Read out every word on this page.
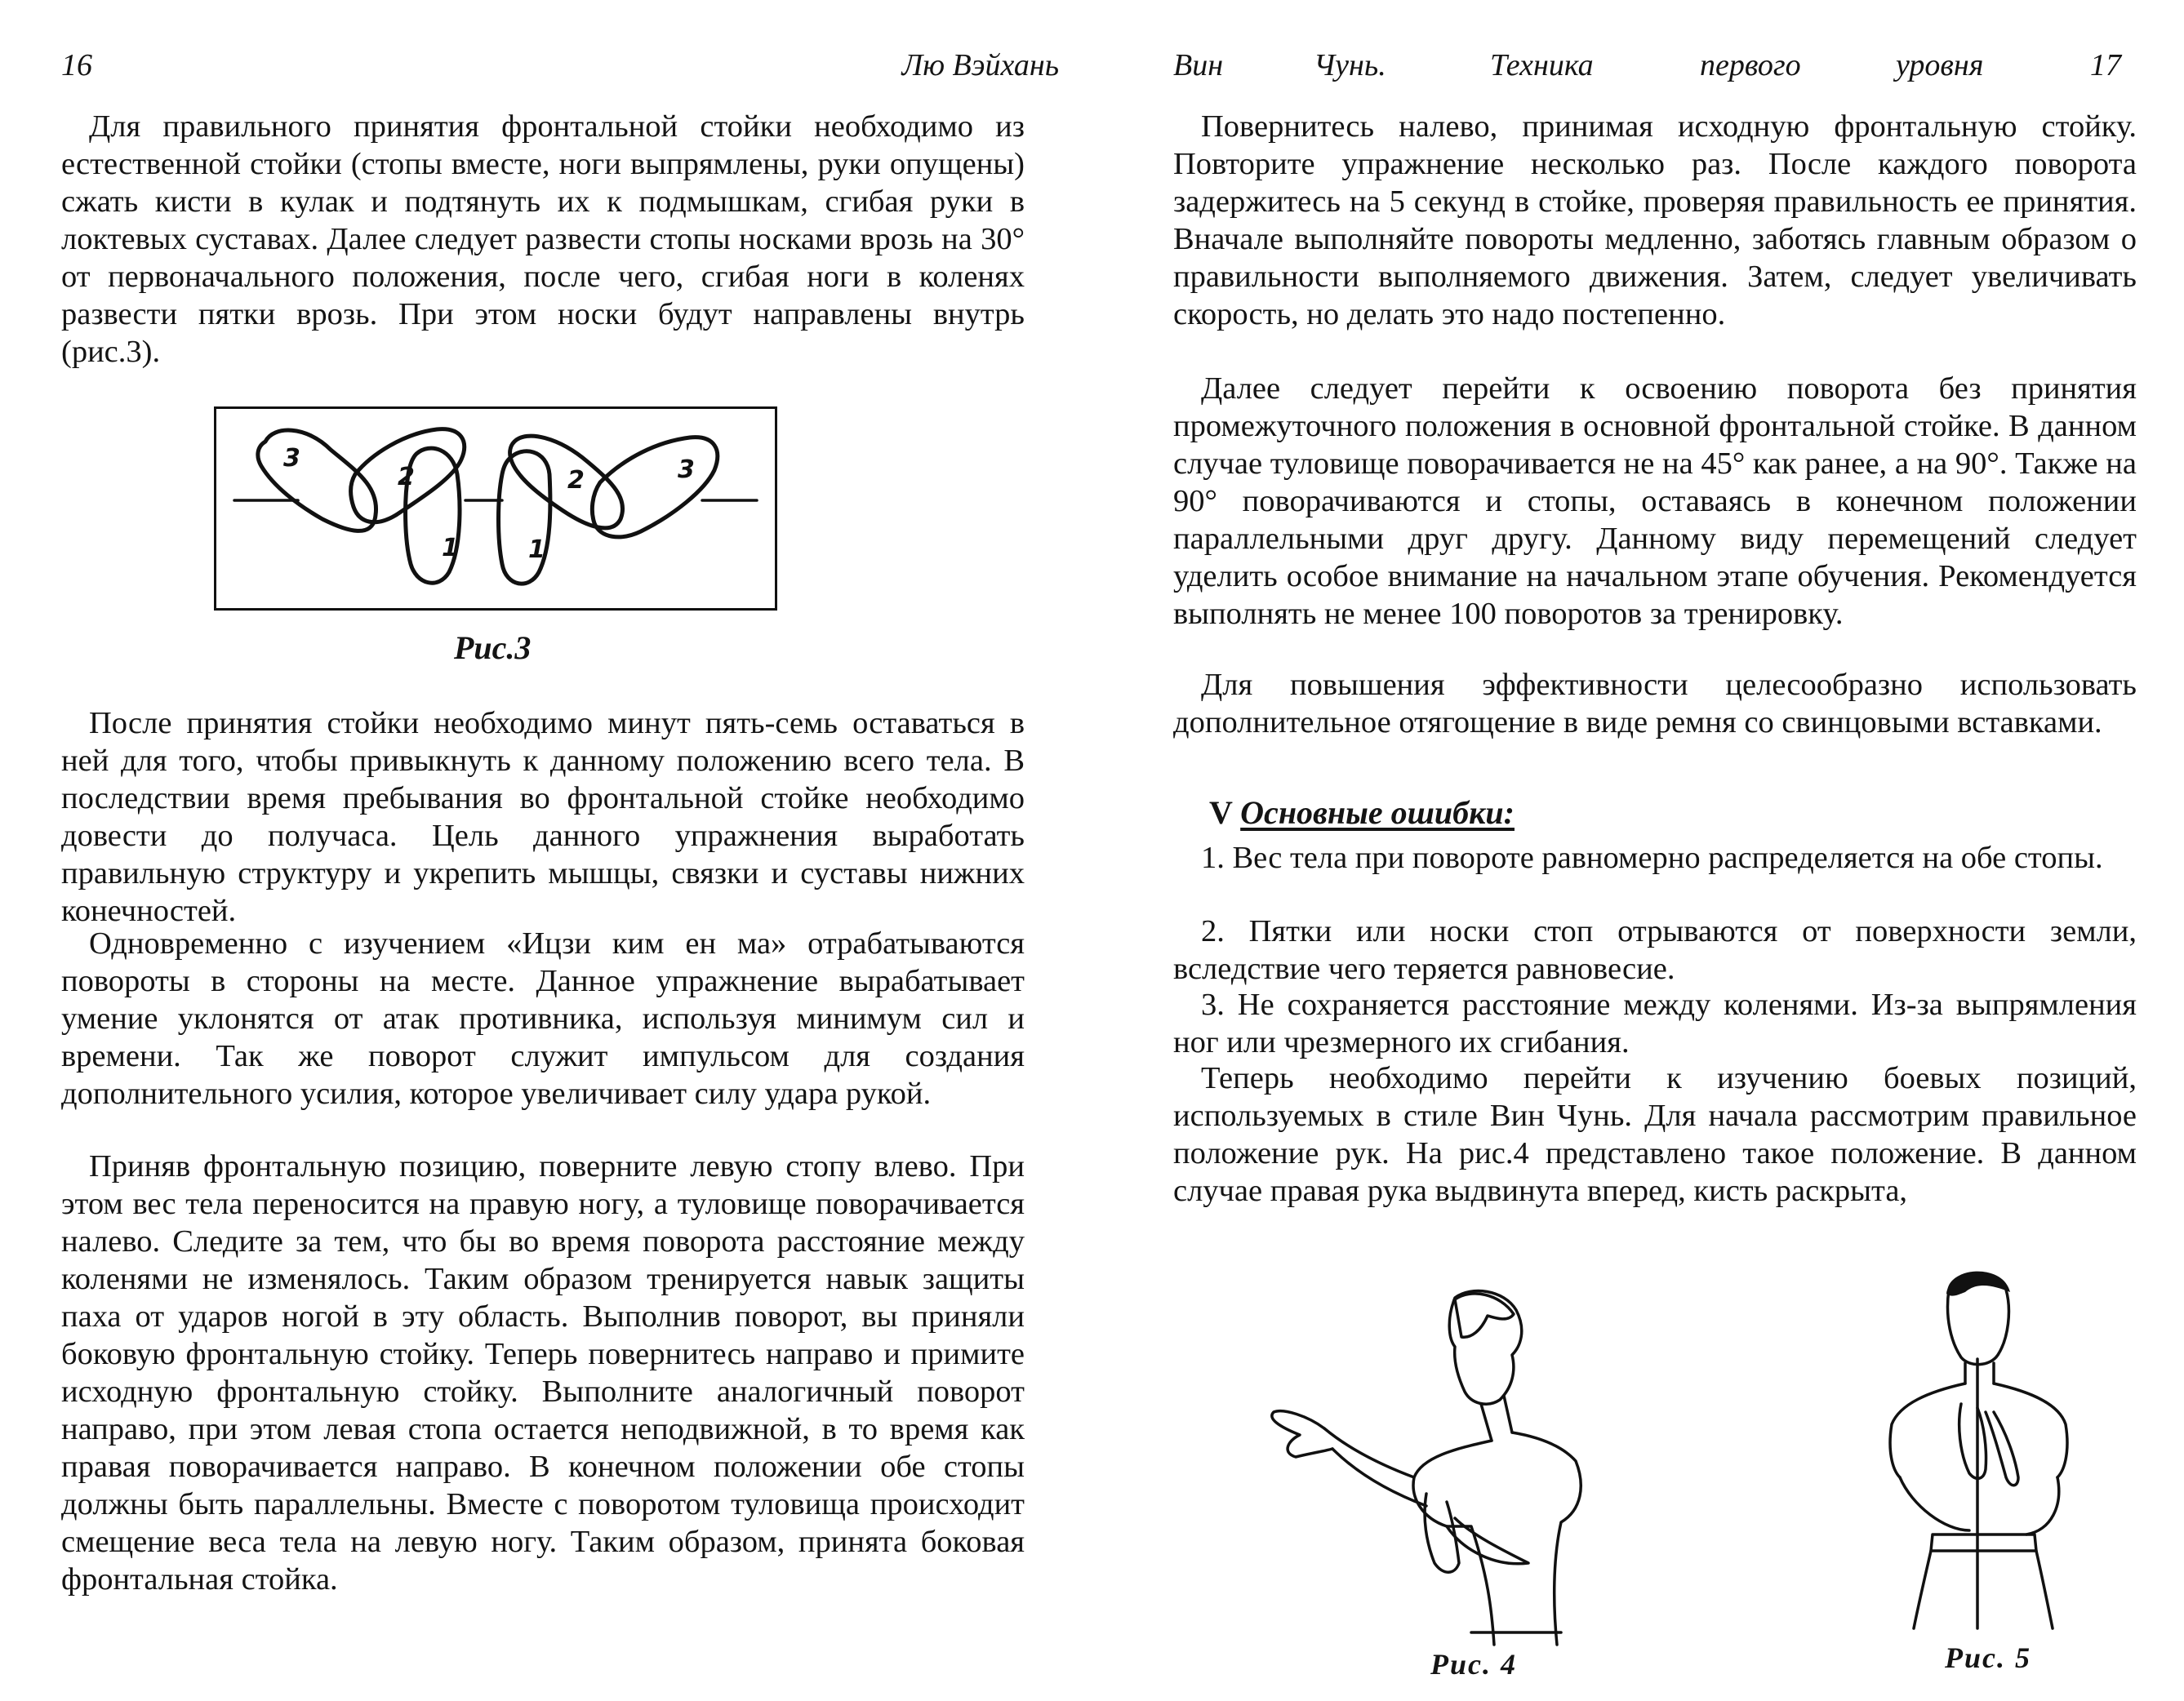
16	Лю Вэйхань

Для правильного принятия фронтальной стойки необходимо из естественной стойки (стопы вместе, ноги выпрямлены, руки опущены) сжать кисти в кулак и подтянуть их к подмышкам, сгибая руки в локтевых суставах. Далее следует развести стопы носками врозь на 30° от первоначального положения, после чего, сгибая ноги в коленях развести пятки врозь. При этом носки будут направлены внутрь (рис.3).

3
2
1
2
1
3
Рис.3

После принятия стойки необходимо минут пять-семь оставаться в ней для того, чтобы привыкнуть к данному положению всего тела. В последствии время пребывания во фронтальной стойке необходимо довести до получаса. Цель данного упражнения выработать правильную структуру и укрепить мышцы, связки и суставы нижних конечностей.

Одновременно с изучением «Ицзи ким ен ма» отрабатываются повороты в стороны на месте. Данное упражнение вырабатывает умение уклонятся от атак противника, используя минимум сил и времени. Так же поворот служит импульсом для создания дополнительного усилия, которое увеличивает силу удара рукой.

Приняв фронтальную позицию, поверните левую стопу влево. При этом вес тела переносится на правую ногу, а туловище поворачивается налево. Следите за тем, что бы во время поворота расстояние между коленями не изменялось. Таким образом тренируется навык защиты паха от ударов ногой в эту область. Выполнив поворот, вы приняли боковую фронтальную стойку. Теперь повернитесь направо и примите исходную фронтальную стойку. Выполните аналогичный поворот направо, при этом левая стопа остается неподвижной, в то время как правая поворачивается направо. В конечном положении обе стопы должны быть параллельны. Вместе с поворотом туловища происходит смещение веса тела на левую ногу. Таким образом, принята боковая фронтальная стойка.

Вин	Чунь.	Техника	первого	уровня	17

Повернитесь налево, принимая исходную фронтальную стойку. Повторите упражнение несколько раз. После каждого поворота задержитесь на 5 секунд в стойке, проверяя правильность ее принятия. Вначале выполняйте повороты медленно, заботясь главным образом о правильности выполняемого движения. Затем, следует увеличивать скорость, но делать это надо постепенно.

Далее следует перейти к освоению поворота без принятия промежуточного положения в основной фронтальной стойке. В данном случае туловище поворачивается не на 45° как ранее, а на 90°. Также на 90° поворачиваются и стопы, оставаясь в конечном положении параллельными друг другу. Данному виду перемещений следует уделить особое внимание на начальном этапе обучения. Рекомендуется выполнять не менее 100 поворотов за тренировку.

Для повышения эффективности целесообразно использовать дополнительное отягощение в виде ремня со свинцовыми вставками.

V Основные ошибки:

1. Вес тела при повороте равномерно распределяется на обе стопы.

2. Пятки или носки стоп отрываются от поверхности земли, вследствие чего теряется равновесие.

3. Не сохраняется расстояние между коленями. Из-за выпрямления ног или чрезмерного их сгибания.

Теперь необходимо перейти к изучению боевых позиций, используемых в стиле Вин Чунь. Для начала рассмотрим правильное положение рук. На рис.4 представлено такое положение. В данном случае правая рука выдвинута вперед, кисть раскрыта,

Рис. 4	Рис. 5
